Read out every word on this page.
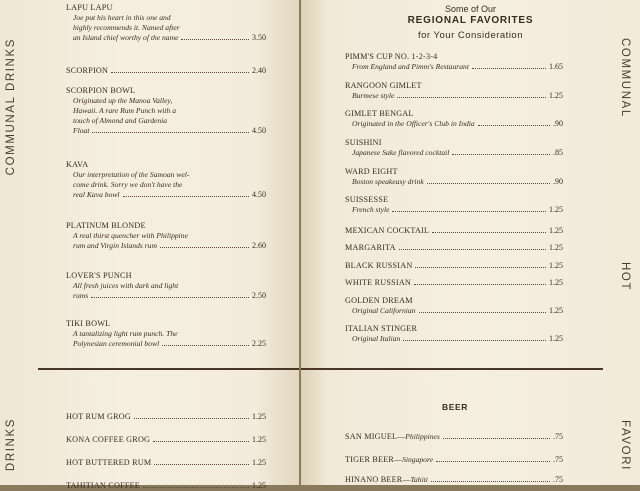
COMMUNAL DRINKS
DRINKS
LAPU LAPU
Joe put his heart in this one and
highly recommends it. Named after
an Island chief worthy of the name	3.50
SCORPION	2.40
SCORPION BOWL
Originated up the Manoa Valley,
Hawaii. A rare Rum Punch with a
touch of Almond and Gardenia
Float	4.50
KAVA
Our interpretation of the Samoan wel-
come drink. Sorry we don't have the
real Kava bowl	4.50
PLATINUM BLONDE
A real thirst quencher with Philippine
rum and Virgin Islands rum	2.60
LOVER'S PUNCH
All fresh juices with dark and light
rums	2.50
TIKI BOWL
A tantalizing light rum punch. The
Polynesian ceremonial bowl	2.25
HOT RUM GROG	1.25
KONA COFFEE GROG	1.25
HOT BUTTERED RUM	1.25
TAHITIAN COFFEE	1.25
Some of Our
REGIONAL FAVORITES
for Your Consideration
COMMUNAL
HOT
FAVORI
PIMM'S CUP NO. 1-2-3-4
From England and Pimm's Restaurant	1.65
RANGOON GIMLET
Burmese style	1.25
GIMLET BENGAL
Originated in the Officer's Club in India	.90
SUISHINI
Japanese Sake flavored cocktail	.85
WARD EIGHT
Boston speakeasy drink	.90
SUISSESSE
French style	1.25
MEXICAN COCKTAIL	1.25
MARGARITA	1.25
BLACK RUSSIAN	1.25
WHITE RUSSIAN	1.25
GOLDEN DREAM
Original Californian	1.25
ITALIAN STINGER
Original Italian	1.25
BEER
SAN MIGUEL — Philippines	.75
TIGER BEER — Singapore	.75
HINANO BEER — Tahiti	.75
